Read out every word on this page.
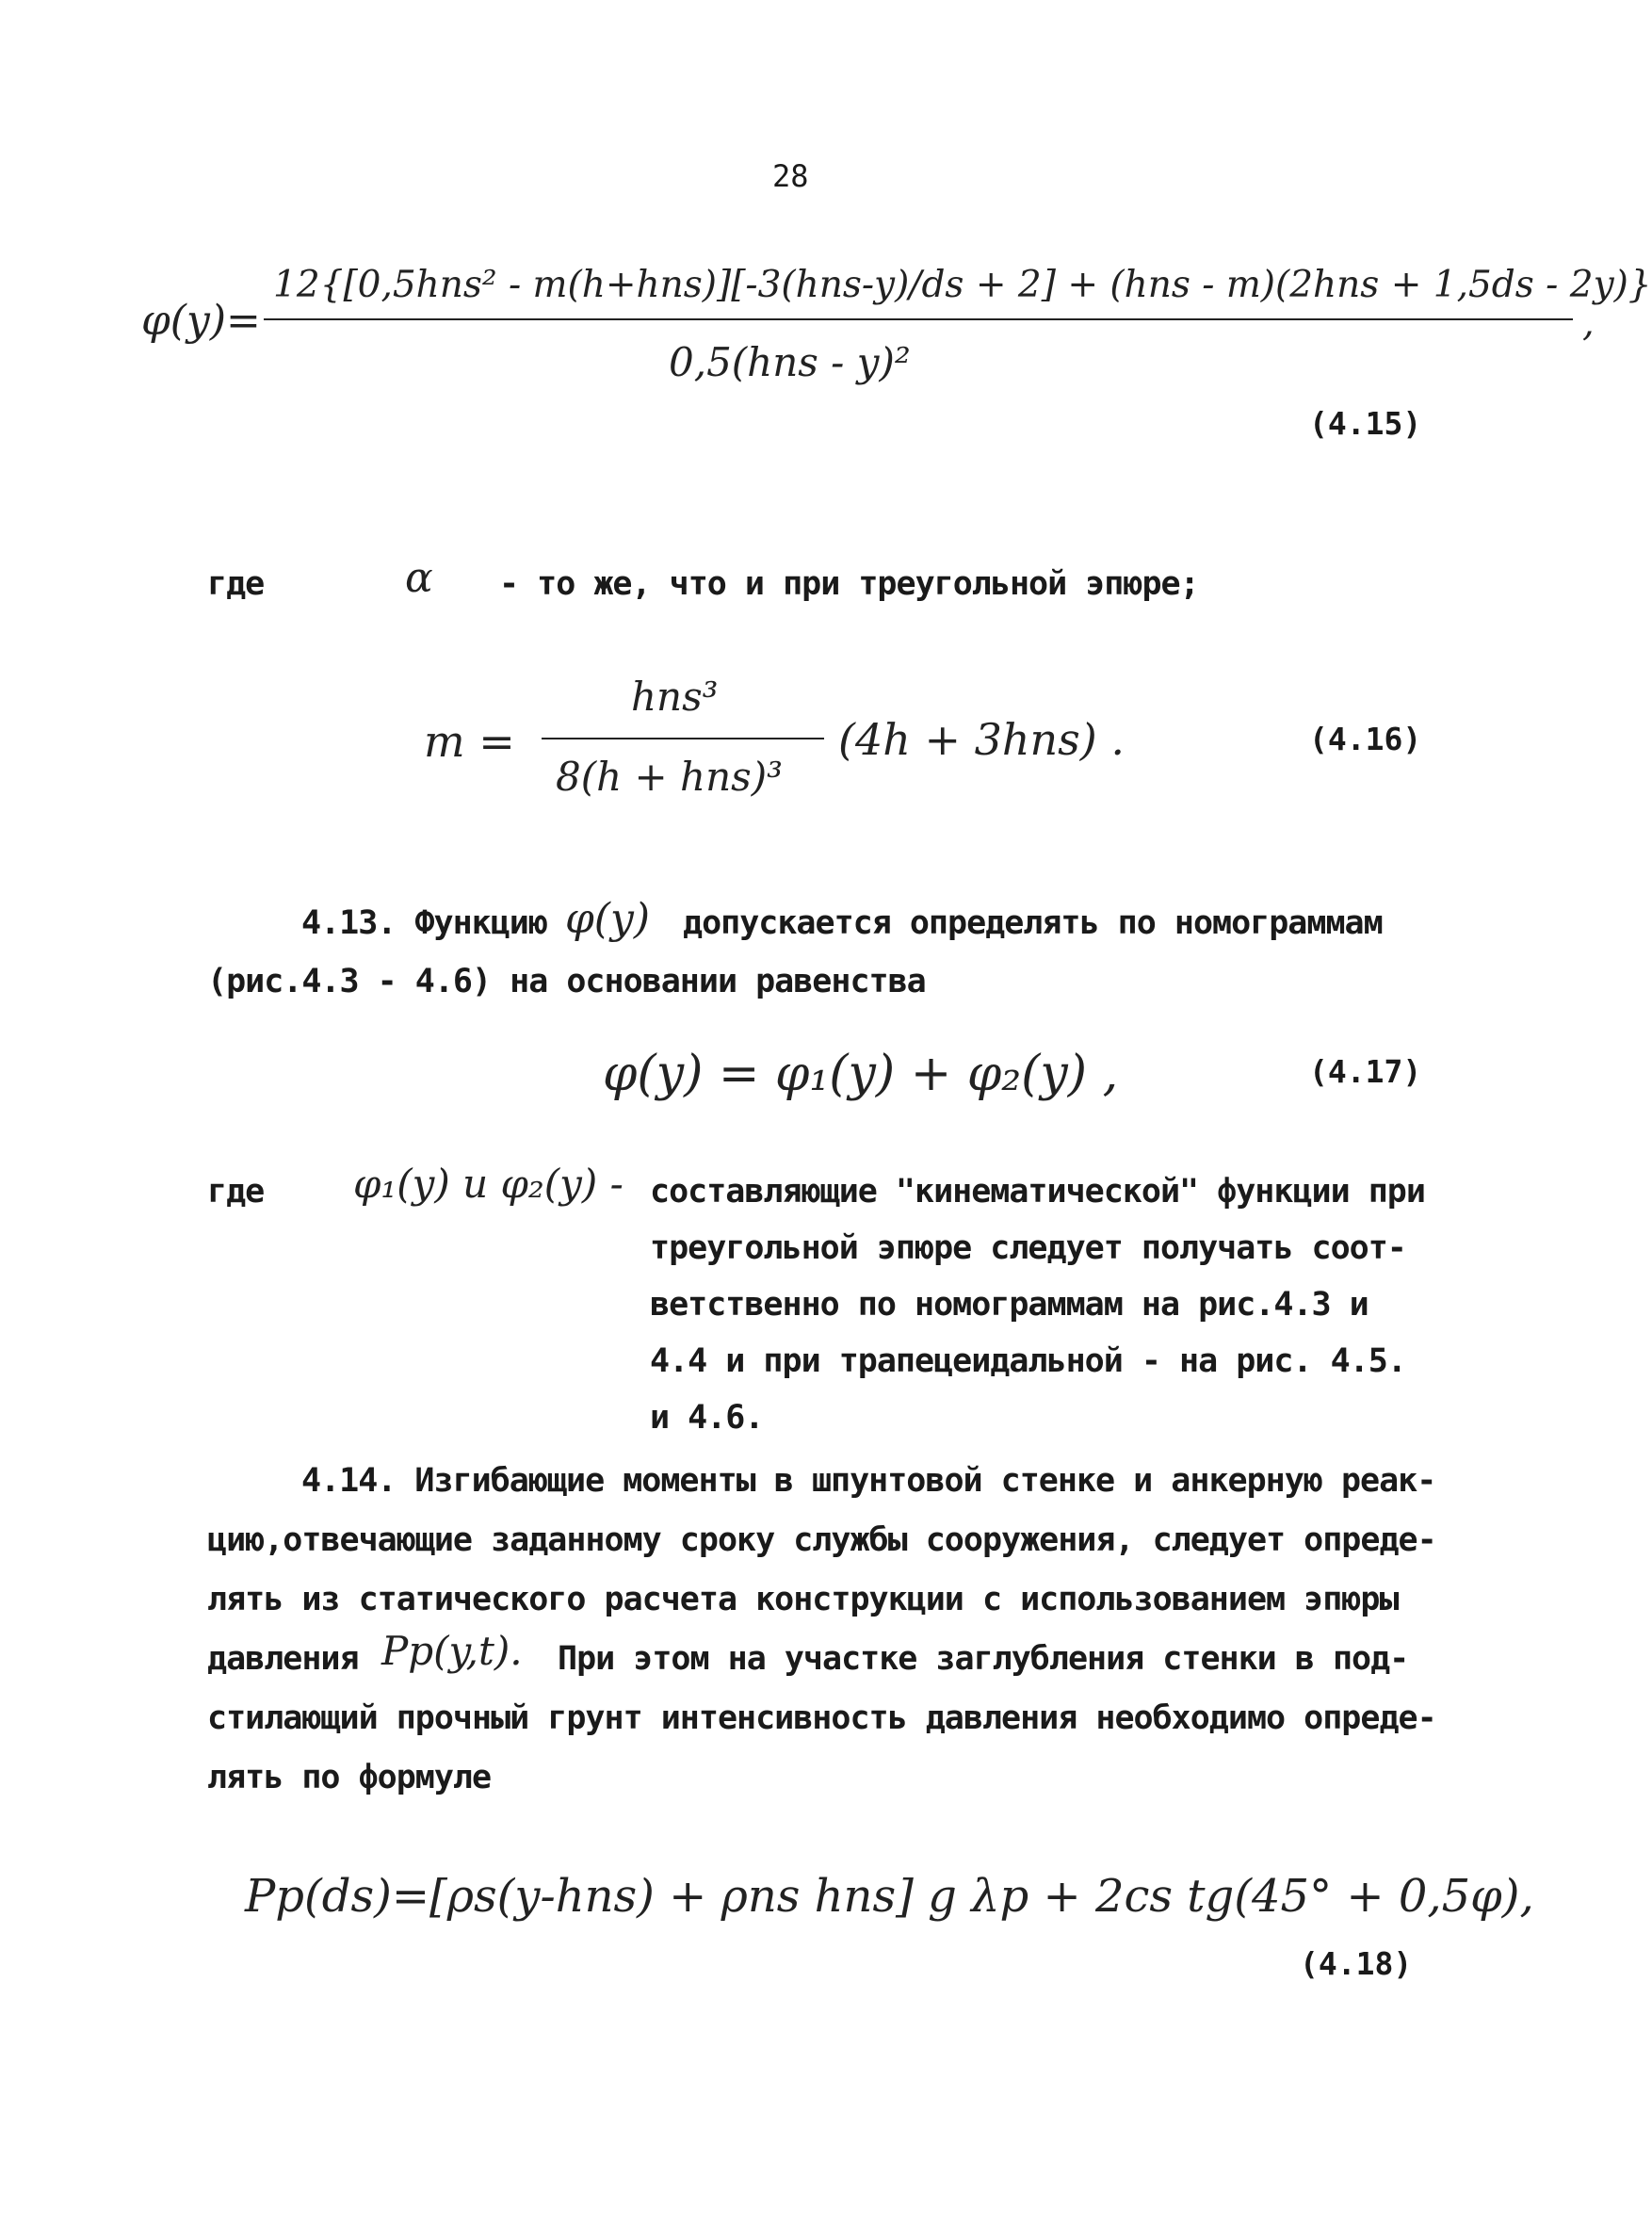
28
φ(y)=
12{[0,5hns² - m(h+hns)][-3(hns-y)/ds + 2] + (hns - m)(2hns + 1,5ds - 2y)}
0,5(hns - y)²
,
(4.15)
где	α - то же, что и при треугольной эпюре;
m =
hns³
8(h + hns)³
(4h + 3hns) .	(4.16)
4.13. Функцию φ(y) допускается определять по номограммам
(рис.4.3 - 4.6) на основании равенства
φ(y) = φ₁(y) + φ₂(y) ,	(4.17)
где φ₁(y) и φ₂(y) - составляющие "кинематической" функции при
треугольной эпюре следует получать соот-
ветственно по номограммам на рис.4.3 и
4.4 и при трапецеидальной - на рис. 4.5.
и 4.6.
4.14. Изгибающие моменты в шпунтовой стенке и анкерную реак-
цию,отвечающие заданному сроку службы сооружения, следует опреде-
лять из статического расчета конструкции с использованием эпюры
давления Pp(y,t). При этом на участке заглубления стенки в под-
стилающий прочный грунт интенсивность давления необходимо опреде-
лять по формуле
Pp(ds)=[ρs(y-hns) + ρns hns] g λp + 2cs tg(45° + 0,5φ),
(4.18)
